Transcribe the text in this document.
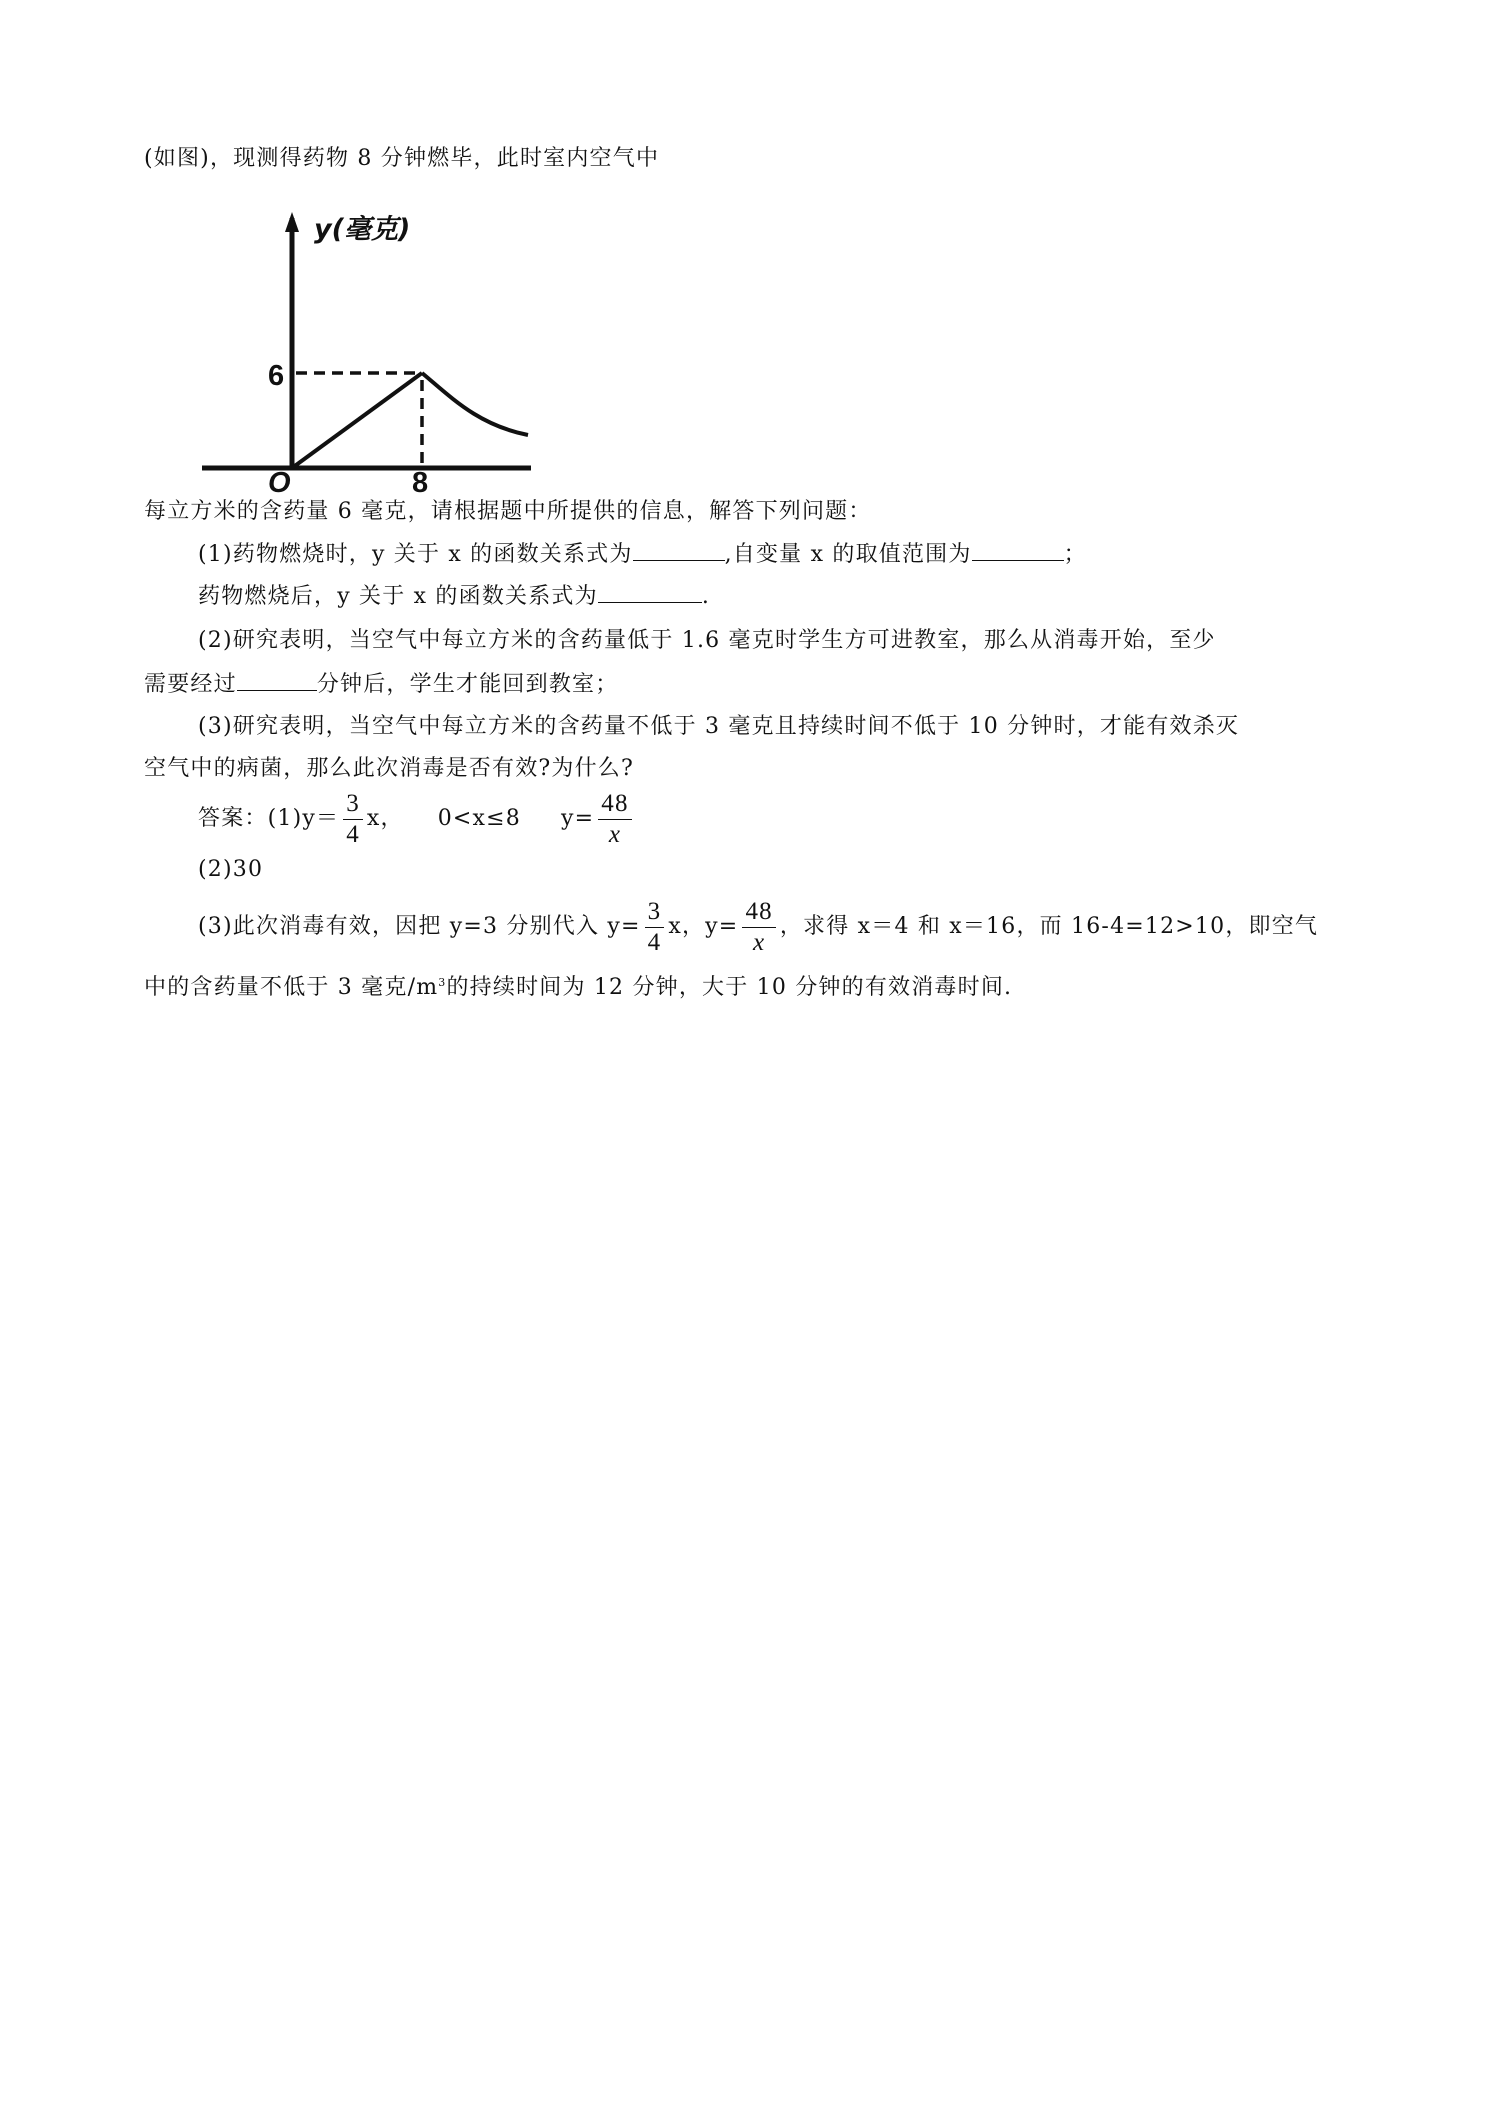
(如图)，现测得药物 8 分钟燃毕，此时室内空气中
y(毫克)
6
O	8
每立方米的含药量 6 毫克，请根据题中所提供的信息，解答下列问题：
(1)药物燃烧时，y 关于 x 的函数关系式为	,自变量 x 的取值范围为	；
药物燃烧后，y 关于 x 的函数关系式为	.
(2)研究表明，当空气中每立方米的含药量低于 1.6 毫克时学生方可进教室，那么从消毒开始，至少
需要经过	分钟后，学生才能回到教室；
(3)研究表明，当空气中每立方米的含药量不低于 3 毫克且持续时间不低于 10 分钟时，才能有效杀灭
空气中的病菌，那么此次消毒是否有效?为什么?
答案：$(1)y= \frac{3}{4}$ x， 0<x≤8 $y= \frac{48}{x}$
(2)30
(3)此次消毒有效，因把 y=3 分别代入 $y= \frac{3}{4}$ x，$y= \frac{48}{x}$ ，求得 x＝4 和 x＝16，而 16-4=12>10，即空气
中的含药量不低于 3 毫克$/m^3$的持续时间为 12 分钟，大于 10 分钟的有效消毒时间.
